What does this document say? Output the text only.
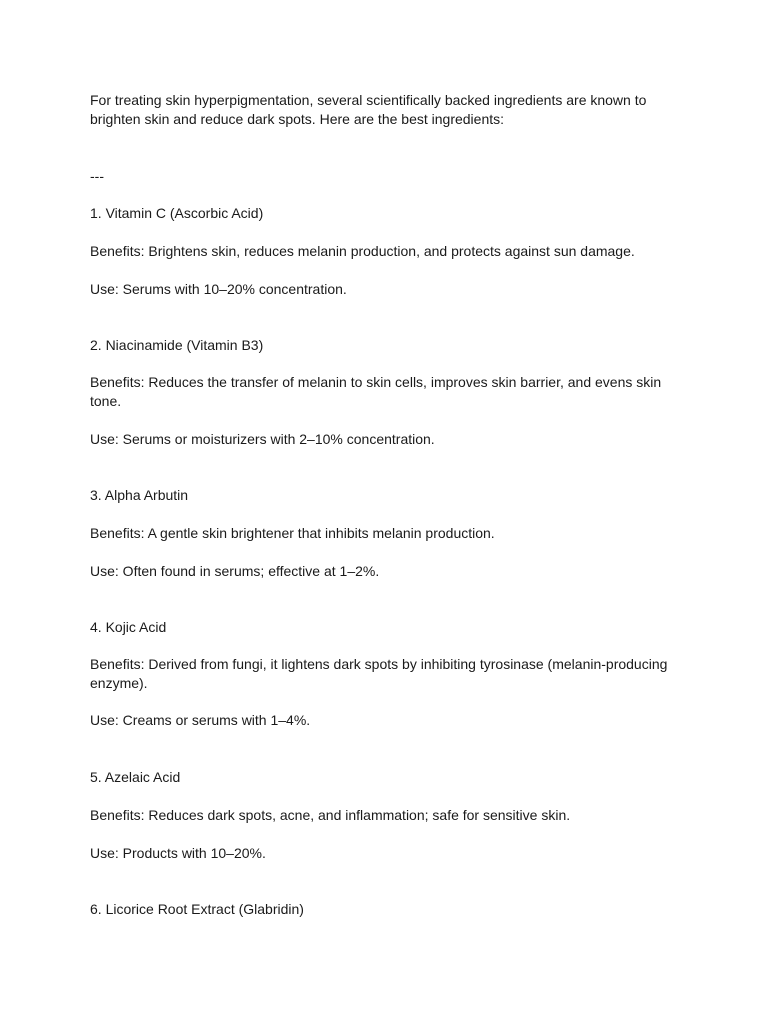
For treating skin hyperpigmentation, several scientifically backed ingredients are known to brighten skin and reduce dark spots. Here are the best ingredients:

---

1. Vitamin C (Ascorbic Acid)

Benefits: Brightens skin, reduces melanin production, and protects against sun damage.

Use: Serums with 10–20% concentration.

2. Niacinamide (Vitamin B3)

Benefits: Reduces the transfer of melanin to skin cells, improves skin barrier, and evens skin tone.

Use: Serums or moisturizers with 2–10% concentration.

3. Alpha Arbutin

Benefits: A gentle skin brightener that inhibits melanin production.

Use: Often found in serums; effective at 1–2%.

4. Kojic Acid

Benefits: Derived from fungi, it lightens dark spots by inhibiting tyrosinase (melanin-producing enzyme).

Use: Creams or serums with 1–4%.

5. Azelaic Acid

Benefits: Reduces dark spots, acne, and inflammation; safe for sensitive skin.

Use: Products with 10–20%.

6. Licorice Root Extract (Glabridin)
